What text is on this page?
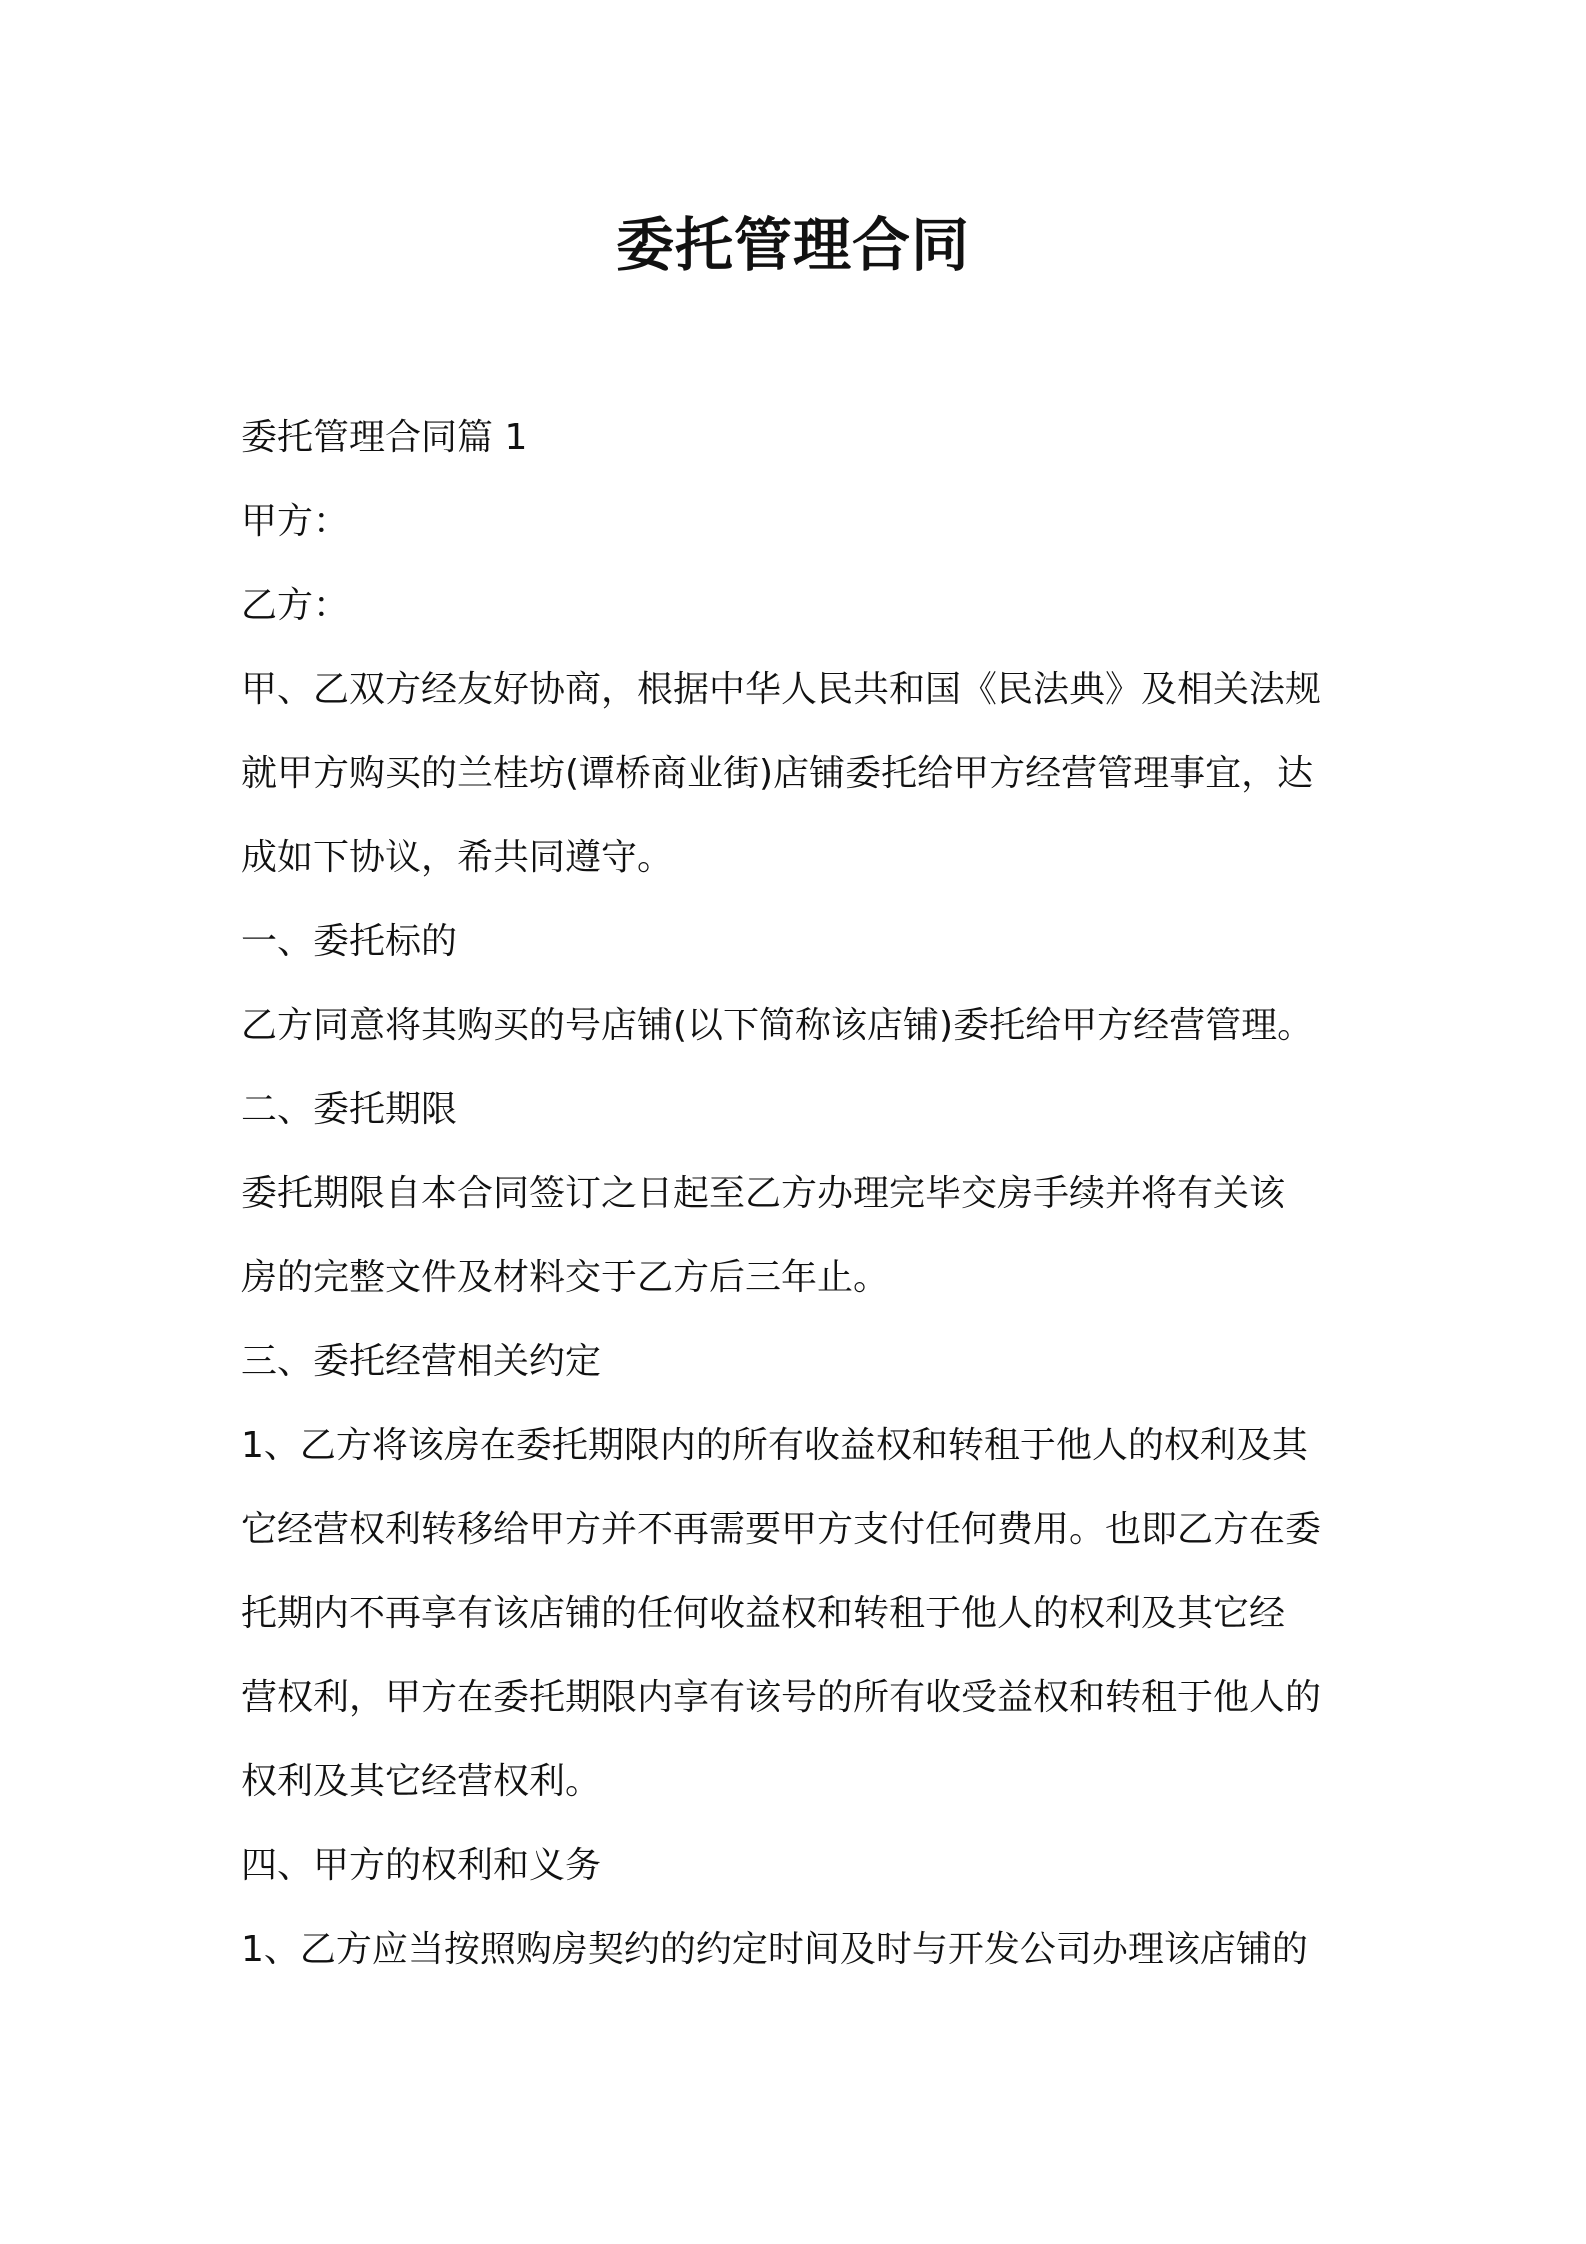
委托管理合同

委托管理合同篇 1

甲方：

乙方：

甲、乙双方经友好协商，根据中华人民共和国《民法典》及相关法规

就甲方购买的兰桂坊(谭桥商业街)店铺委托给甲方经营管理事宜，达

成如下协议，希共同遵守。

一、委托标的

乙方同意将其购买的号店铺(以下简称该店铺)委托给甲方经营管理。

二、委托期限

委托期限自本合同签订之日起至乙方办理完毕交房手续并将有关该

房的完整文件及材料交于乙方后三年止。

三、委托经营相关约定

1、乙方将该房在委托期限内的所有收益权和转租于他人的权利及其

它经营权利转移给甲方并不再需要甲方支付任何费用。也即乙方在委

托期内不再享有该店铺的任何收益权和转租于他人的权利及其它经

营权利，甲方在委托期限内享有该号的所有收受益权和转租于他人的

权利及其它经营权利。

四、甲方的权利和义务

1、乙方应当按照购房契约的约定时间及时与开发公司办理该店铺的
